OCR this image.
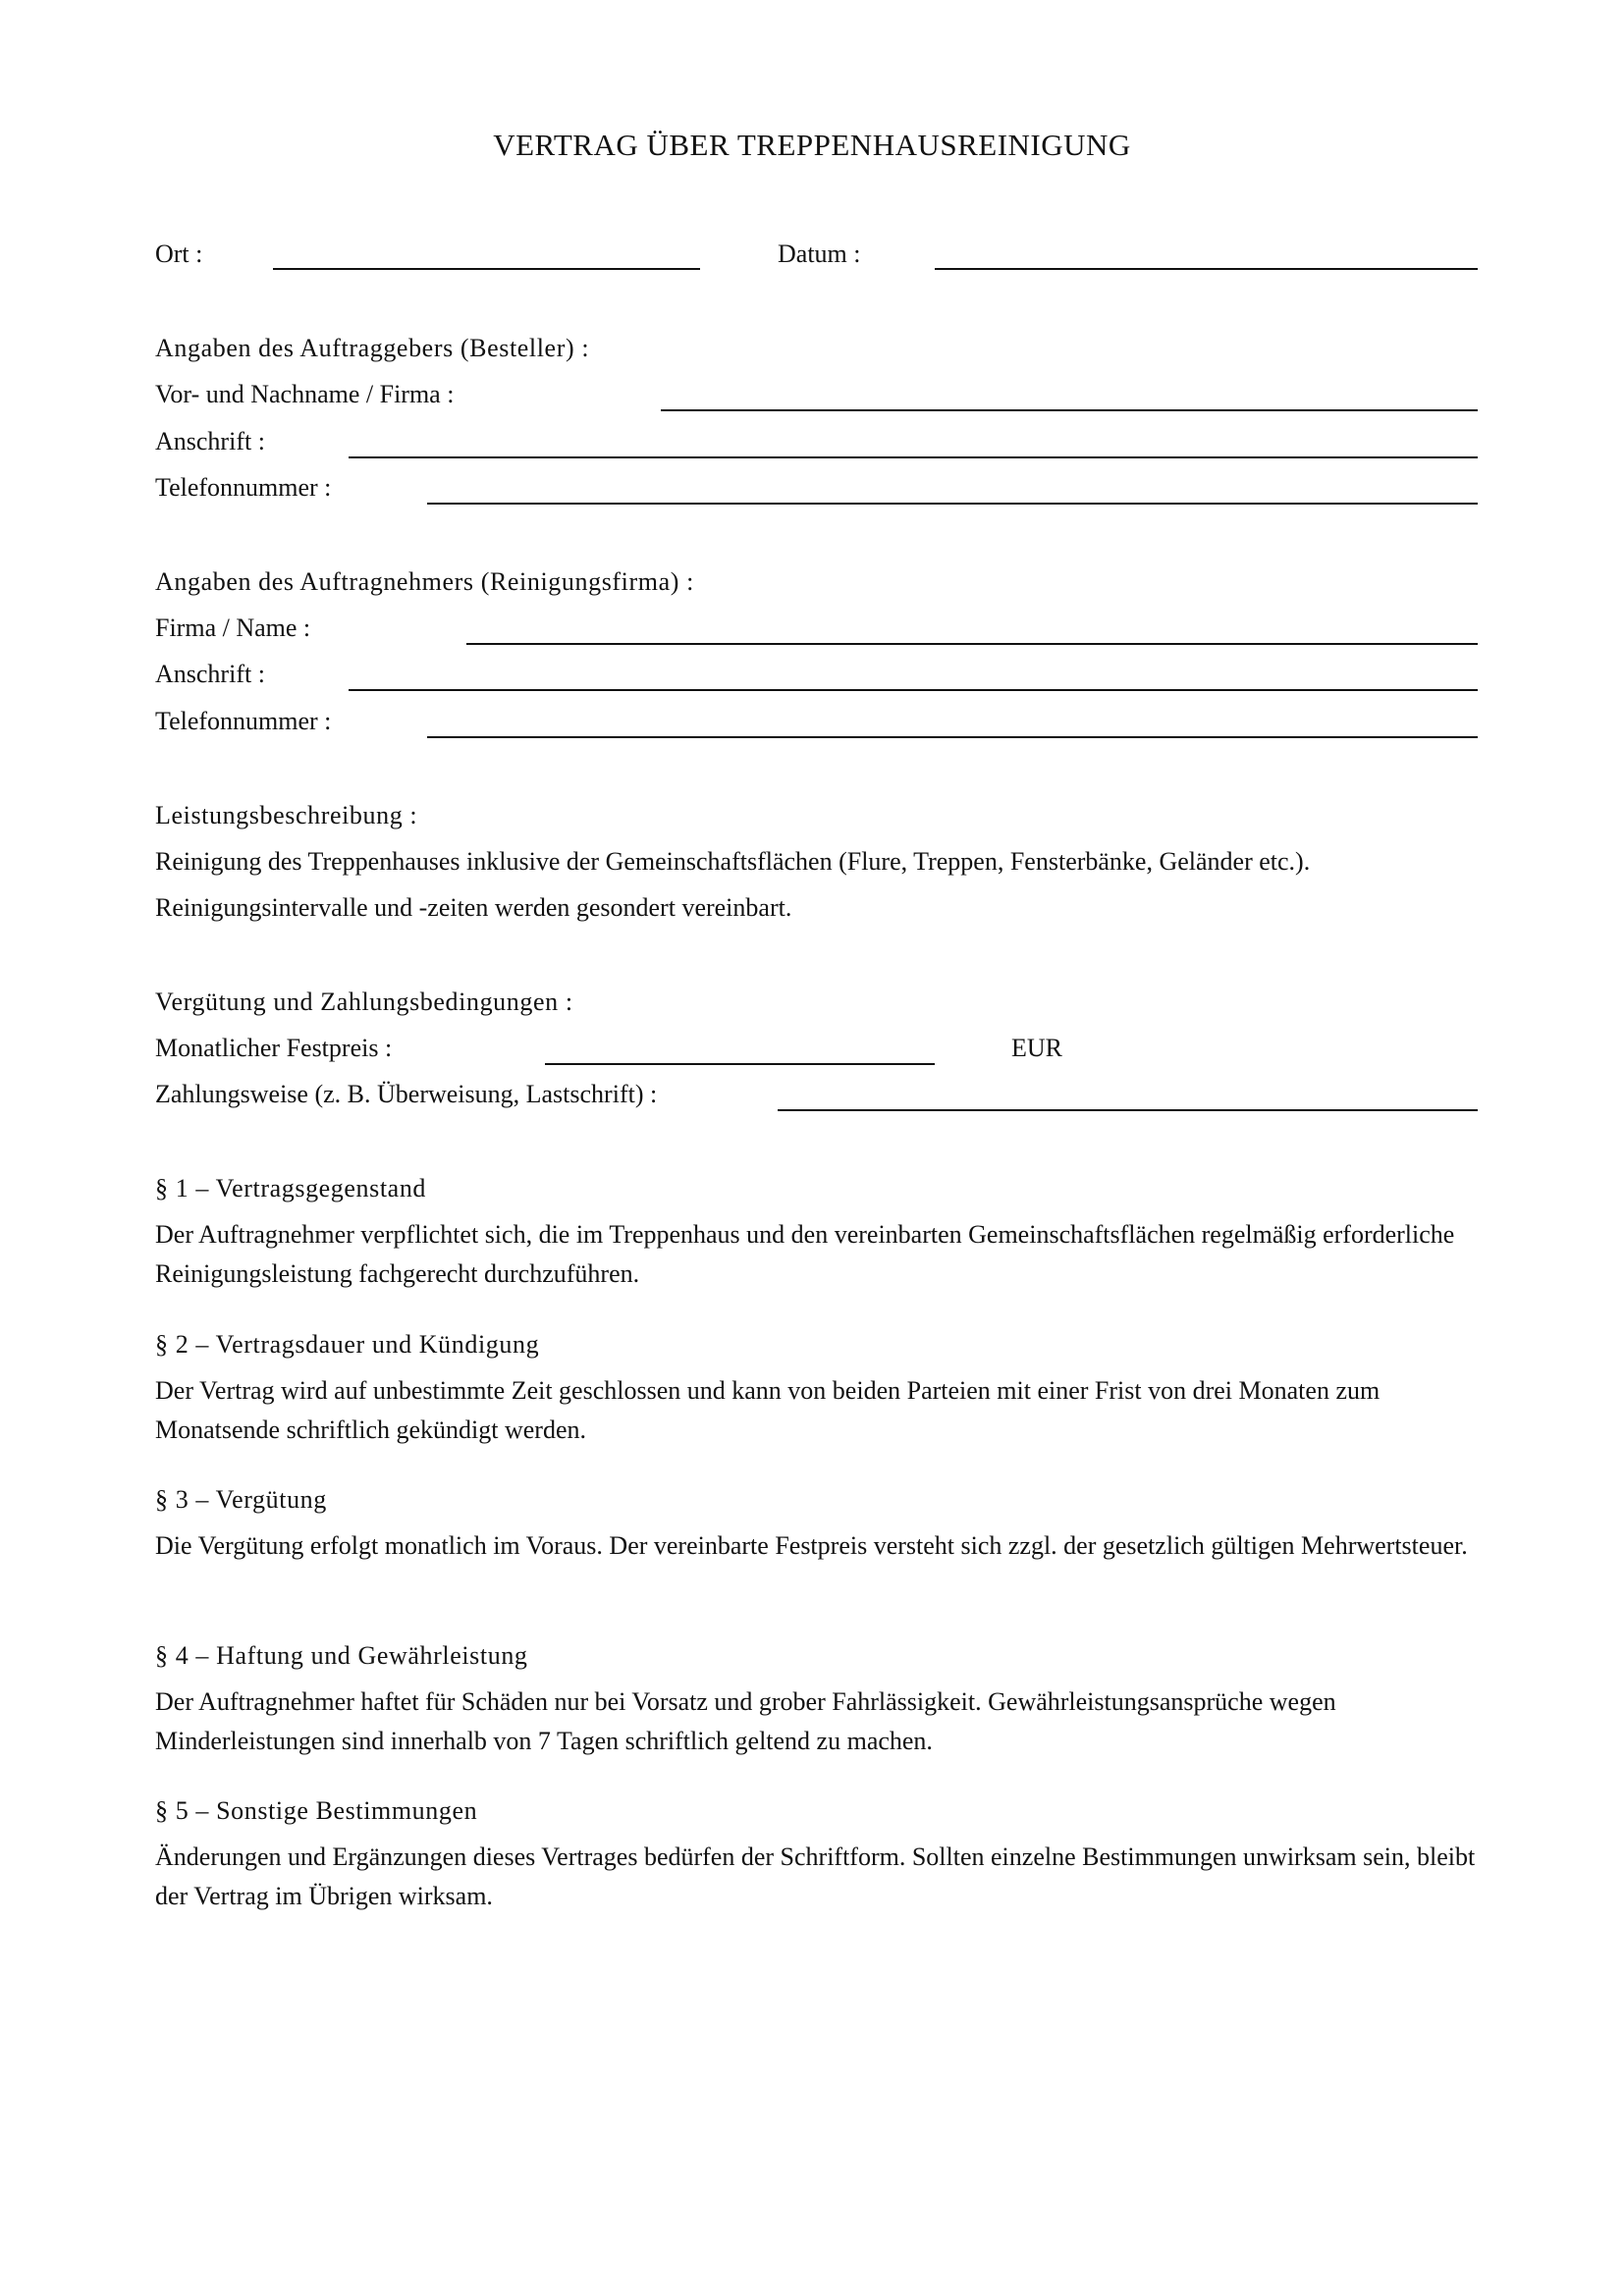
VERTRAG ÜBER TREPPENHAUSREINIGUNG
Ort :	Datum :
Angaben des Auftraggebers (Besteller) :
Vor- und Nachname / Firma :
Anschrift :
Telefonnummer :
Angaben des Auftragnehmers (Reinigungsfirma) :
Firma / Name :
Anschrift :
Telefonnummer :
Leistungsbeschreibung :
Reinigung des Treppenhauses inklusive der Gemeinschaftsflächen (Flure, Treppen, Fensterbänke, Geländer etc.).
Reinigungsintervalle und -zeiten werden gesondert vereinbart.
Vergütung und Zahlungsbedingungen :
Monatlicher Festpreis :	EUR
Zahlungsweise (z. B. Überweisung, Lastschrift) :
§ 1 – Vertragsgegenstand
Der Auftragnehmer verpflichtet sich, die im Treppenhaus und den vereinbarten Gemeinschaftsflächen regelmäßig erforderliche Reinigungsleistung fachgerecht durchzuführen.
§ 2 – Vertragsdauer und Kündigung
Der Vertrag wird auf unbestimmte Zeit geschlossen und kann von beiden Parteien mit einer Frist von drei Monaten zum Monatsende schriftlich gekündigt werden.
§ 3 – Vergütung
Die Vergütung erfolgt monatlich im Voraus. Der vereinbarte Festpreis versteht sich zzgl. der gesetzlich gültigen Mehrwertsteuer.
§ 4 – Haftung und Gewährleistung
Der Auftragnehmer haftet für Schäden nur bei Vorsatz und grober Fahrlässigkeit. Gewährleistungsansprüche wegen Minderleistungen sind innerhalb von 7 Tagen schriftlich geltend zu machen.
§ 5 – Sonstige Bestimmungen
Änderungen und Ergänzungen dieses Vertrages bedürfen der Schriftform. Sollten einzelne Bestimmungen unwirksam sein, bleibt der Vertrag im Übrigen wirksam.
